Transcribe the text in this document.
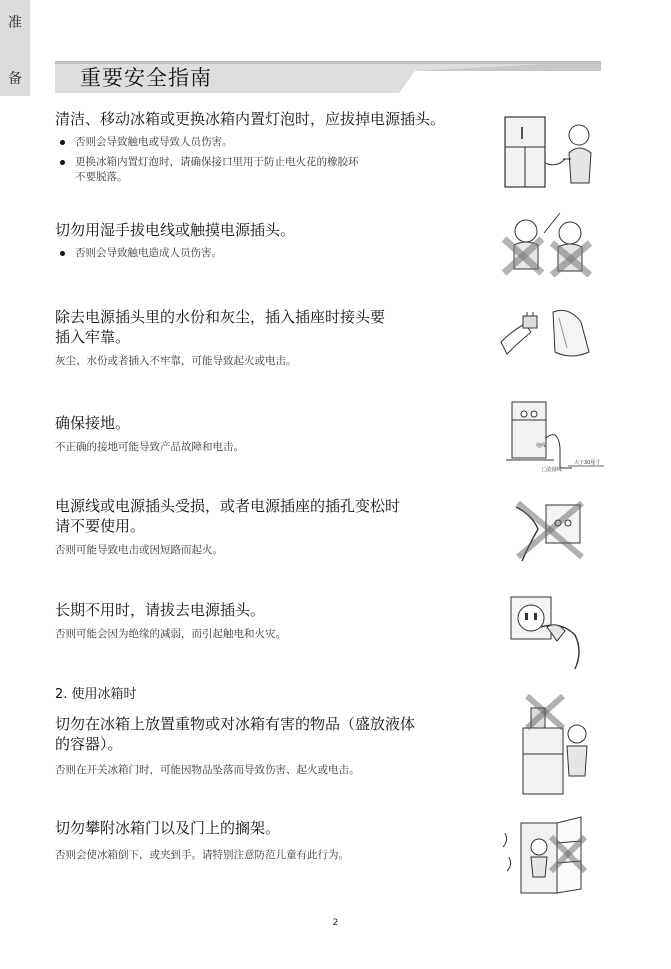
重要安全指南
准
备
清洁、移动冰箱或更换冰箱内置灯泡时，应拔掉电源插头。
否则会导致触电或导致人员伤害。
更换冰箱内置灯泡时，请确保接口里用于防止电火花的橡胶环
不要脱落。
切勿用湿手拔电线或触摸电源插头。
否则会导致触电造成人员伤害。
除去电源插头里的水份和灰尘，插入插座时接头要
插入牢靠。
灰尘、水份或者插入不牢靠，可能导致起火或电击。
确保接地。
不正确的接地可能导致产品故障和电击。
电源线或电源插头受损，或者电源插座的插孔变松时
请不要使用。
否则可能导致电击或因短路而起火。
长期不用时，请拔去电源插头。
否则可能会因为绝缘的减弱，而引起触电和火灾。
2. 使用冰箱时
切勿在冰箱上放置重物或对冰箱有害的物品（盛放液体
的容器）。
否则在开关冰箱门时，可能因物品坠落而导致伤害、起火或电击。
切勿攀附冰箱门以及门上的搁架。
否则会使冰箱倒下，或夹到手。请特别注意防范儿童有此行为。
地线
□瓷圆线
大于30厘寸
2
